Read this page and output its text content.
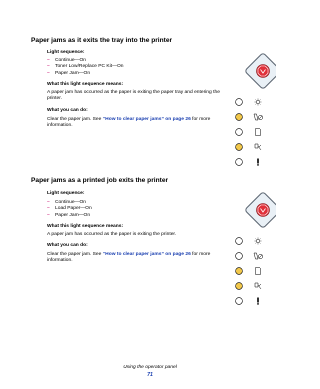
Paper jams as it exits the tray into the printer
Light sequence:
– Continue—On
– Toner Low/Replace PC Kit—On
– Paper Jam—On
What this light sequence means:
A paper jam has occurred as the paper is exiting the paper tray and entering the printer.
What you can do:
Clear the paper jam. See “How to clear paper jams” on page 26 for more information.
Paper jams as a printed job exits the printer
Light sequence:
– Continue—On
– Load Paper—On
– Paper Jam—On
What this light sequence means:
A paper jam has occurred as the paper is exiting the printer.
What you can do:
Clear the paper jam. See “How to clear paper jams” on page 26 for more information.
Using the operator panel
71
